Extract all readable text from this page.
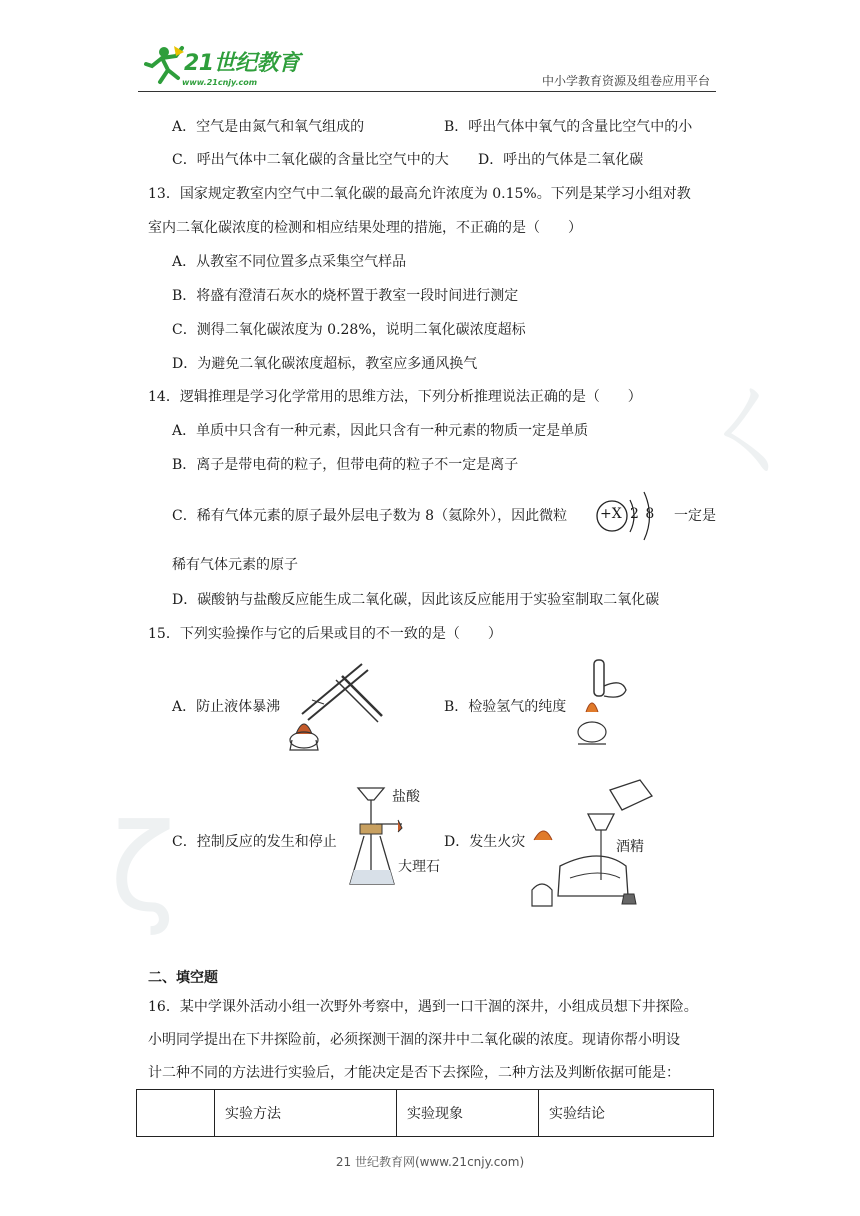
ㄑ
ζ
21世纪教育
www.21cnjy.com	中小学教育资源及组卷应用平台
A．空气是由氮气和氧气组成的	B．呼出气体中氧气的含量比空气中的小
C．呼出气体中二氧化碳的含量比空气中的大 D．呼出的气体是二氧化碳
13．国家规定教室内空气中二氧化碳的最高允许浓度为 0.15%。下列是某学习小组对教
室内二氧化碳浓度的检测和相应结果处理的措施，不正确的是（　　）
A．从教室不同位置多点采集空气样品
B．将盛有澄清石灰水的烧杯置于教室一段时间进行测定
C．测得二氧化碳浓度为 0.28%，说明二氧化碳浓度超标
D．为避免二氧化碳浓度超标，教室应多通风换气
14．逻辑推理是学习化学常用的思维方法，下列分析推理说法正确的是（　　）
A．单质中只含有一种元素，因此只含有一种元素的物质一定是单质
B．离子是带电荷的粒子，但带电荷的粒子不一定是离子
C．稀有气体元素的原子最外层电子数为 8（氦除外），因此微粒 +X 2 8 一定是
稀有气体元素的原子
D．碳酸钠与盐酸反应能生成二氧化碳，因此该反应能用于实验室制取二氧化碳
15．下列实验操作与它的后果或目的不一致的是（　　）
A．防止液体暴沸	B．检验氢气的纯度
C．控制反应的发生和停止
盐酸
大理石
D．发生火灾	酒精
二、填空题
16．某中学课外活动小组一次野外考察中，遇到一口干涸的深井，小组成员想下井探险。
小明同学提出在下井探险前，必须探测干涸的深井中二氧化碳的浓度。现请你帮小明设
计二种不同的方法进行实验后，才能决定是否下去探险，二种方法及判断依据可能是：
	实验方法	实验现象	实验结论
21 世纪教育网(www.21cnjy.com)
